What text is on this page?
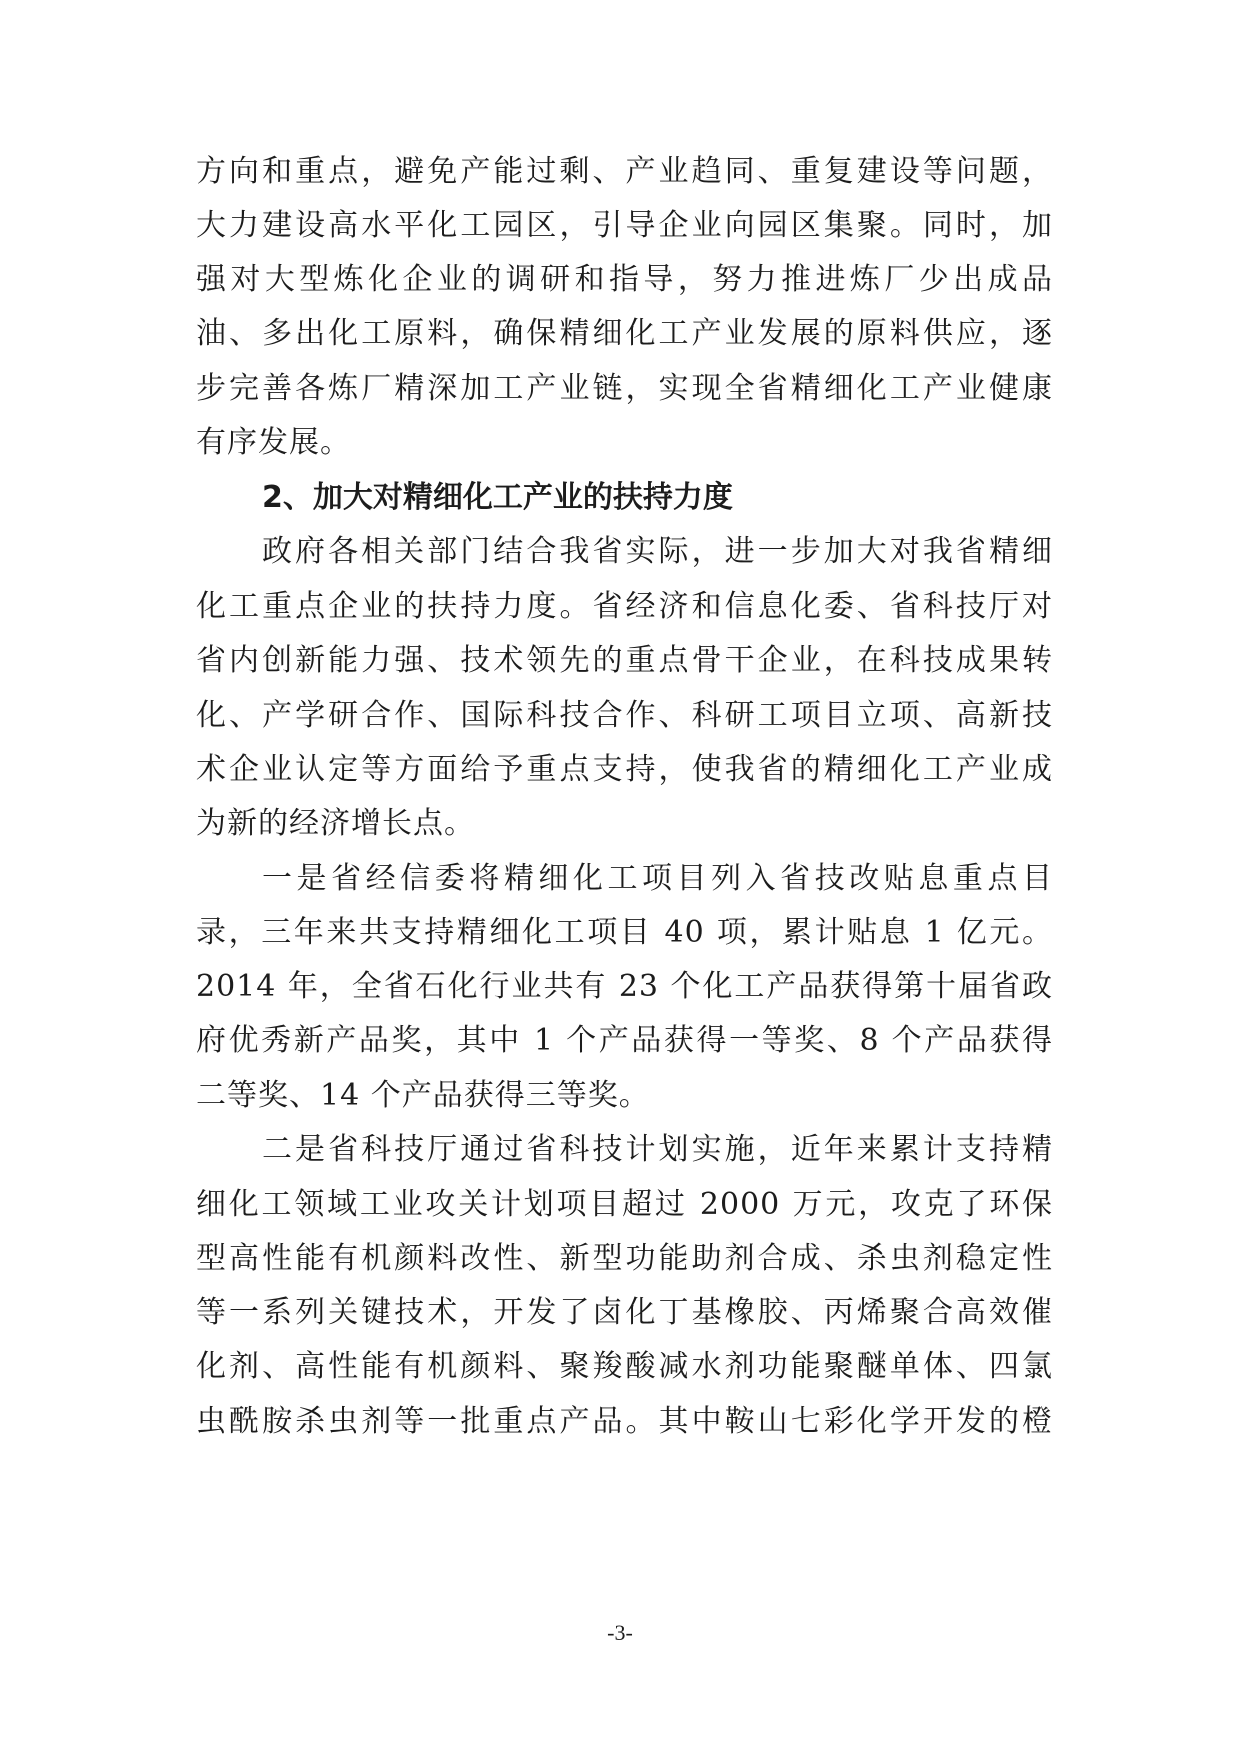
方向和重点，避免产能过剩、产业趋同、重复建设等问题，
大力建设高水平化工园区，引导企业向园区集聚。同时，加
强对大型炼化企业的调研和指导，努力推进炼厂少出成品
油、多出化工原料，确保精细化工产业发展的原料供应，逐
步完善各炼厂精深加工产业链，实现全省精细化工产业健康
有序发展。
2、加大对精细化工产业的扶持力度
政府各相关部门结合我省实际，进一步加大对我省精细
化工重点企业的扶持力度。省经济和信息化委、省科技厅对
省内创新能力强、技术领先的重点骨干企业，在科技成果转
化、产学研合作、国际科技合作、科研工项目立项、高新技
术企业认定等方面给予重点支持，使我省的精细化工产业成
为新的经济增长点。
一是省经信委将精细化工项目列入省技改贴息重点目
录，三年来共支持精细化工项目 40 项，累计贴息 1 亿元。
2014 年，全省石化行业共有 23 个化工产品获得第十届省政
府优秀新产品奖，其中 1 个产品获得一等奖、8 个产品获得
二等奖、14 个产品获得三等奖。
二是省科技厅通过省科技计划实施，近年来累计支持精
细化工领域工业攻关计划项目超过 2000 万元，攻克了环保
型高性能有机颜料改性、新型功能助剂合成、杀虫剂稳定性
等一系列关键技术，开发了卤化丁基橡胶、丙烯聚合高效催
化剂、高性能有机颜料、聚羧酸减水剂功能聚醚单体、四氯
虫酰胺杀虫剂等一批重点产品。其中鞍山七彩化学开发的橙
-3-
